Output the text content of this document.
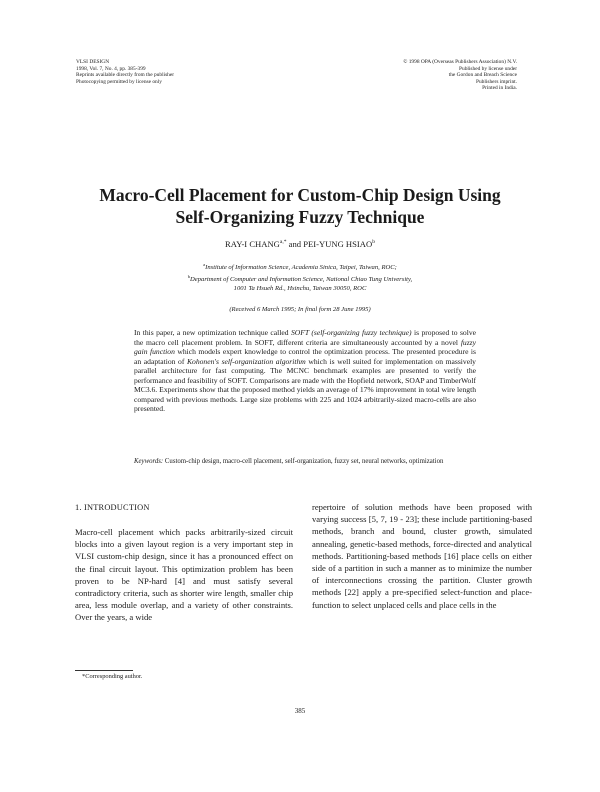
VLSI DESIGN
1998, Vol. 7, No. 4, pp. 385-399
Reprints available directly from the publisher
Photocopying permitted by license only
© 1998 OPA (Overseas Publishers Association) N.V.
Published by license under
the Gordon and Breach Science
Publishers imprint.
Printed in India.
Macro-Cell Placement for Custom-Chip Design Using
Self-Organizing Fuzzy Technique
RAY-I $CHANG^{a,*}$ and PEI-YUNG HSIAO$^b$
$^a$Institute of Information Science, Academia Sinica, Taipei, Taiwan, ROC;
$^b$Department of Computer and Information Science, National Chiao Tung University,
1001 Ta Hsueh Rd., Hsinchu, Taiwan 30050, ROC
(Received 6 March 1995; In final form 28 June 1995)

In this paper, a new optimization technique called SOFT (self-organizing fuzzy technique) is proposed to solve the macro cell placement problem. In SOFT, different criteria are simultaneously accounted by a novel fuzzy gain function which models expert knowledge to control the optimization process. The presented procedure is an adaptation of Kohonen's self-organization algorithm which is well suited for implementation on massively parallel architecture for fast computing. The MCNC benchmark examples are presented to verify the performance and feasibility of SOFT. Comparisons are made with the Hopfield network, SOAP and TimberWolf MC3.6. Experiments show that the proposed method yields an average of 17% improvement in total wire length compared with previous methods. Large size problems with 225 and 1024 arbitrarily-sized macro-cells are also presented.

Keywords: Custom-chip design, macro-cell placement, self-organization, fuzzy set, neural networks, optimization
1. INTRODUCTION

Macro-cell placement which packs arbitrarily-sized circuit blocks into a given layout region is a very important step in VLSI custom-chip design, since it has a pronounced effect on the final circuit layout. This optimization problem has been proven to be NP-hard [4] and must satisfy several contradictory criteria, such as shorter wire length, smaller chip area, less module overlap, and a variety of other constraints. Over the years, a wide

repertoire of solution methods have been proposed with varying success [5, 7, 19 - 23]; these include partitioning-based methods, branch and bound, cluster growth, simulated annealing, genetic-based methods, force-directed and analytical methods. Partitioning-based methods [16] place cells on either side of a partition in such a manner as to minimize the number of interconnections crossing the partition. Cluster growth methods [22] apply a pre-specified select-function and place-function to select unplaced cells and place cells in the

*Corresponding author.
385
